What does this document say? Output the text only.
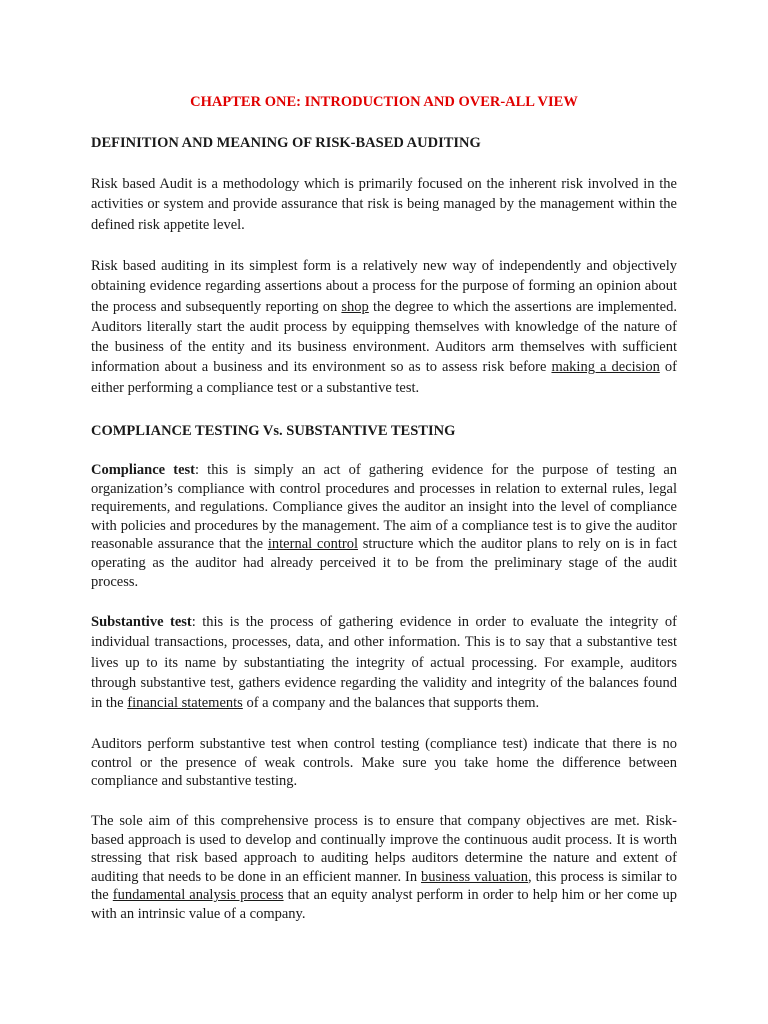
CHAPTER ONE: INTRODUCTION AND OVER-ALL VIEW
DEFINITION AND MEANING OF RISK-BASED AUDITING

Risk based Audit is a methodology which is primarily focused on the inherent risk involved in the activities or system and provide assurance that risk is being managed by the management within the defined risk appetite level.

Risk based auditing in its simplest form is a relatively new way of independently and objectively obtaining evidence regarding assertions about a process for the purpose of forming an opinion about the process and subsequently reporting on shop the degree to which the assertions are implemented. Auditors literally start the audit process by equipping themselves with knowledge of the nature of the business of the entity and its business environment. Auditors arm themselves with sufficient information about a business and its environment so as to assess risk before making a decision of either performing a compliance test or a substantive test.

COMPLIANCE TESTING Vs. SUBSTANTIVE TESTING

Compliance test: this is simply an act of gathering evidence for the purpose of testing an organization’s compliance with control procedures and processes in relation to external rules, legal requirements, and regulations. Compliance gives the auditor an insight into the level of compliance with policies and procedures by the management. The aim of a compliance test is to give the auditor reasonable assurance that the internal control structure which the auditor plans to rely on is in fact operating as the auditor had already perceived it to be from the preliminary stage of the audit process.

Substantive test: this is the process of gathering evidence in order to evaluate the integrity of individual transactions, processes, data, and other information. This is to say that a substantive test lives up to its name by substantiating the integrity of actual processing. For example, auditors through substantive test, gathers evidence regarding the validity and integrity of the balances found in the financial statements of a company and the balances that supports them.

Auditors perform substantive test when control testing (compliance test) indicate that there is no control or the presence of weak controls. Make sure you take home the difference between compliance and substantive testing.

The sole aim of this comprehensive process is to ensure that company objectives are met. Risk-based approach is used to develop and continually improve the continuous audit process. It is worth stressing that risk based approach to auditing helps auditors determine the nature and extent of auditing that needs to be done in an efficient manner. In business valuation, this process is similar to the fundamental analysis process that an equity analyst perform in order to help him or her come up with an intrinsic value of a company.
